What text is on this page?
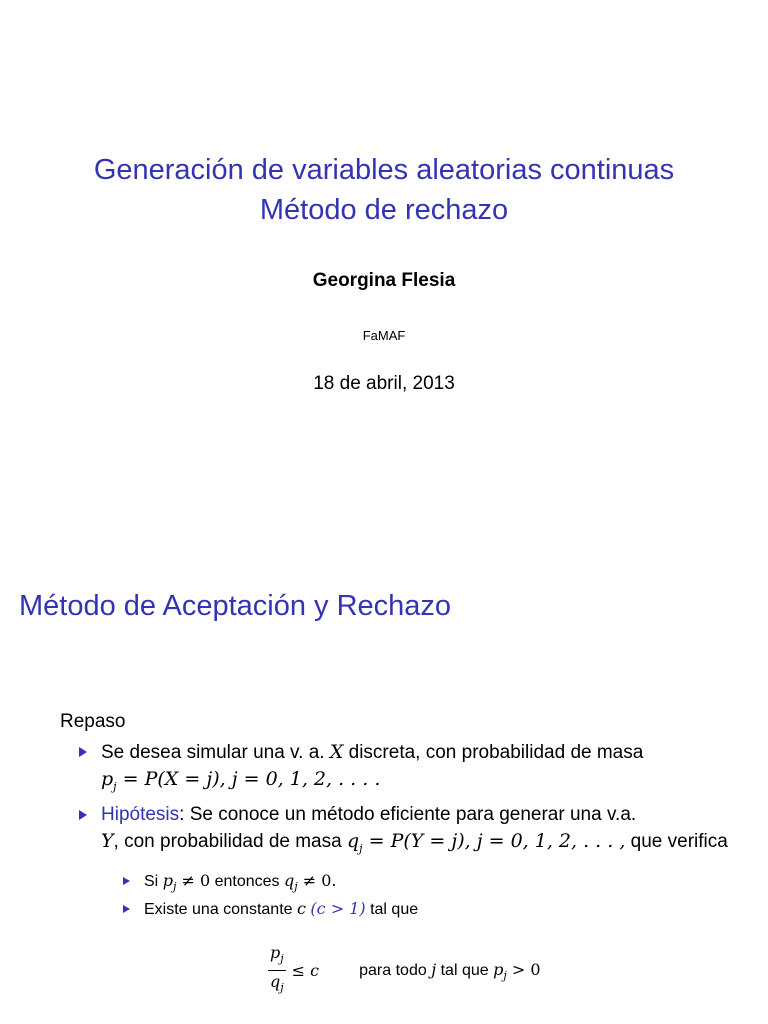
Generación de variables aleatorias continuas
Método de rechazo
Georgina Flesia
FaMAF
18 de abril, 2013
Método de Aceptación y Rechazo
Repaso
Se desea simular una v. a. X discreta, con probabilidad de masa
$p_j = P(X = j)$, j = 0, 1, 2, . . . .
Hipótesis: Se conoce un método eficiente para generar una v.a.
Y, con probabilidad de masa $q_j = P(Y = j)$, j = 0, 1, 2, . . . , que verifica
Si $p_j \ne 0$ entonces $q_j \ne 0$.
Existe una constante c (c > 1) tal que
$\frac{p_j}{q_j} \le c$	para todo j tal que $p_j > 0$
